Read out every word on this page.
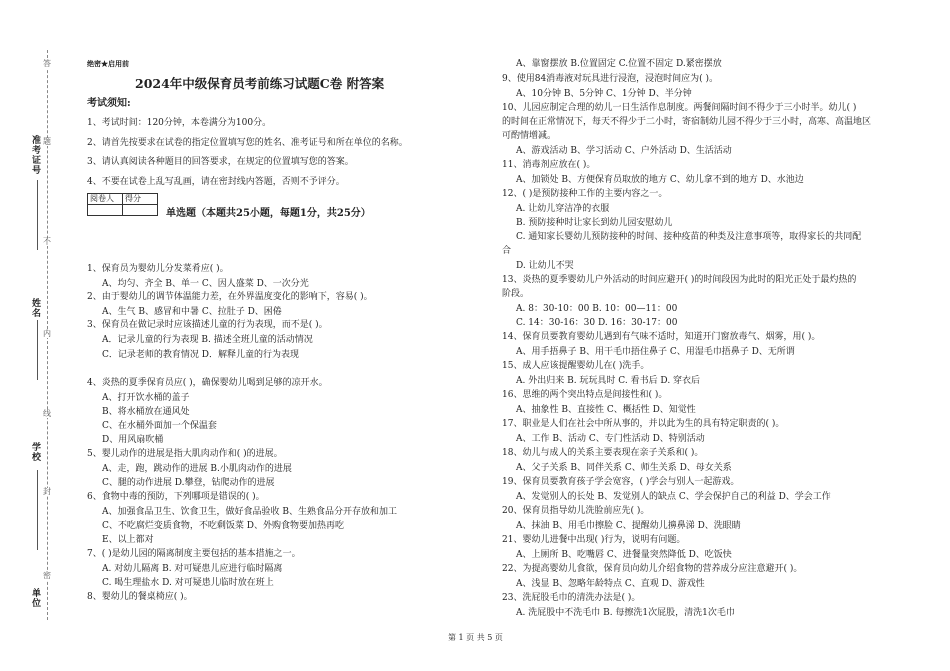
准考证号
姓名
学校
单位
答
题
不
内
线
封
密
绝密★启用前
2024年中级保育员考前练习试题C卷 附答案
考试须知:
1、考试时间：120分钟，本卷满分为100分。
2、请首先按要求在试卷的指定位置填写您的姓名、准考证号和所在单位的名称。
3、请认真阅读各种题目的回答要求，在规定的位置填写您的答案。
4、不要在试卷上乱写乱画，请在密封线内答题，否则不予评分。
阅卷人	得分

单选题（本题共25小题，每题1分，共25分）
1、保育员为婴幼儿分发菜肴应( )。
A、均匀、齐全 B、单一 C、因人盛菜 D、一次分光
2、由于婴幼儿的调节体温能力差，在外界温度变化的影响下，容易( )。
A、生气 B、感冒和中暑 C、拉肚子 D、困倦
3、保育员在做记录时应该描述儿童的行为表现，而不是( )。
A．记录儿童的行为表现 B. 描述全班儿童的活动情况
C．记录老师的教育情况 D．解释儿童的行为表现
4、炎热的夏季保育员应( )，确保婴幼儿喝到足够的凉开水。
A、打开饮水桶的盖子
B、将水桶放在通风处
C、在水桶外面加一个保温套
D、用风扇吹桶
5、婴儿动作的进展是指大肌肉动作和( )的进展。
A、走，跑，跳动作的进展 B.小肌肉动作的进展
C、腿的动作进展 D.攀登，钻爬动作的进展
6、食物中毒的预防，下列哪项是错误的( )。
A、加强食品卫生、饮食卫生，做好食品验收 B、生熟食品分开存放和加工
C、不吃腐烂变质食物，不吃剩饭菜 D、外购食物要加热再吃
E、以上都对
7、( )是幼儿园的隔离制度主要包括的基本措施之一。
A. 对幼儿隔离 B. 对可疑患儿应进行临时隔离
C. 喝生理盐水 D. 对可疑患儿临时放在班上
8、婴幼儿的餐桌椅应( )。
A、靠窗摆放 B.位置固定 C.位置不固定 D.紧密摆放
9、使用84消毒液对玩具进行浸泡，浸泡时间应为( )。
A、10分钟 B、5分钟 C、1分钟 D、半分钟
10、儿园应制定合理的幼儿一日生活作息制度。两餐间隔时间不得少于三小时半。幼儿( )
的时间在正常情况下，每天不得少于二小时，寄宿制幼儿园不得少于三小时，高寒、高温地区
可酌情增减。
A、游戏活动 B、学习活动 C、户外活动 D、生活活动
11、消毒剂应放在( )。
A、加锁处 B、方便保育员取放的地方 C、幼儿拿不到的地方 D、水池边
12、( )是预防接种工作的主要内容之一。
A. 让幼儿穿洁净的衣服
B. 预防接种时让家长到幼儿园安慰幼儿
C. 通知家长婴幼儿预防接种的时间、接种疫苗的种类及注意事项等，取得家长的共同配
合
D. 让幼儿不哭
13、炎热的夏季婴幼儿户外活动的时间应避开( )的时间段因为此时的阳光正处于最灼热的
阶段。
A. 8：30-10：00 B. 10：00—11：00
C. 14：30-16：30 D. 16：30-17：00
14、保育员要教育婴幼儿遇到有气味不适时，知道开门窗放毒气、烟雾，用( )。
A、用手捂鼻子 B、用干毛巾捂住鼻子 C、用湿毛巾捂鼻子 D、无所谓
15、成人应该提醒婴幼儿在( )洗手。
A. 外出归来 B. 玩玩具时 C. 看书后 D. 穿衣后
16、思维的两个突出特点是间接性和( )。
A、抽象性 B、直接性 C、概括性 D、知觉性
17、职业是人们在社会中所从事的，并以此为生的具有特定职责的( )。
A、工作 B、活动 C、专门性活动 D、特别活动
18、幼儿与成人的关系主要表现在亲子关系和( )。
A、父子关系 B、同伴关系 C、师生关系 D、母女关系
19、保育员要教育孩子学会宽容，( )学会与别人一起游戏。
A、发觉别人的长处 B、发觉别人的缺点 C、学会保护自己的利益 D、学会工作
20、保育员指导幼儿洗脸前应先( )。
A、抹油 B、用毛巾擦脸 C、提醒幼儿擤鼻涕 D、洗眼睛
21、婴幼儿进餐中出现( )行为，说明有问题。
A、上厕所 B、吃嘴唇 C、进餐量突然降低 D、吃饭快
22、为提高婴幼儿食欲，保育员向幼儿介绍食物的营养成分应注意避开( )。
A、浅显 B、忽略年龄特点 C、直观 D、游戏性
23、洗屁股毛巾的清洗办法是( )。
A. 洗屁股中不洗毛巾 B. 每擦洗1次屁股，清洗1次毛巾
第 1 页 共 5 页
